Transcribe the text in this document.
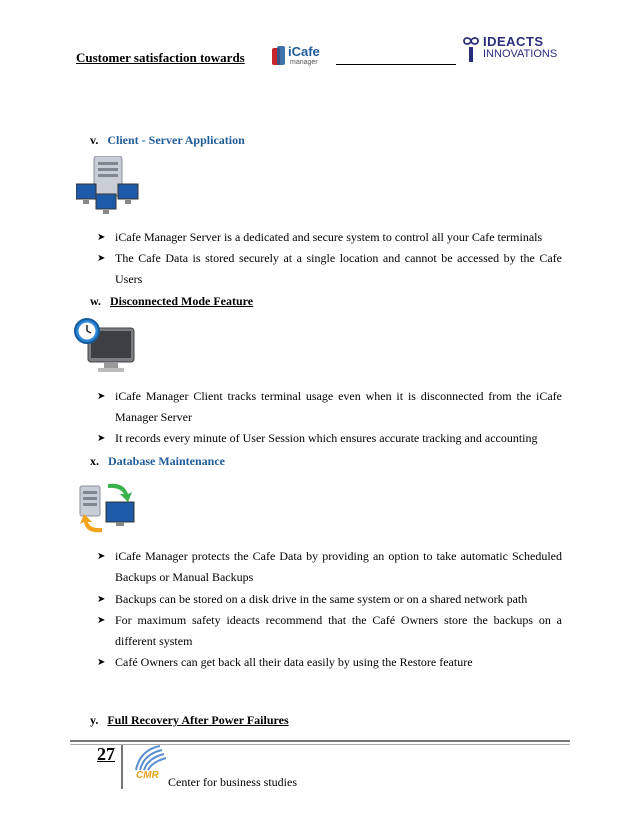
Customer satisfaction towards	iCafe
manager
IDEACTS
INNOVATIONS
v. Client - Server Application
➤ iCafe Manager Server is a dedicated and secure system to control all your Cafe terminals
➤ The Cafe Data is stored securely at a single location and cannot be accessed by the Cafe Users
w. Disconnected Mode Feature
➤ iCafe Manager Client tracks terminal usage even when it is disconnected from the iCafe Manager Server
➤ It records every minute of User Session which ensures accurate tracking and accounting
x. Database Maintenance
➤ iCafe Manager protects the Cafe Data by providing an option to take automatic Scheduled Backups or Manual Backups
➤ Backups can be stored on a disk drive in the same system or on a shared network path
➤ For maximum safety ideacts recommend that the Café Owners store the backups on a different system
➤ Café Owners can get back all their data easily by using the Restore feature
y. Full Recovery After Power Failures
27
CMR Center for business studies
